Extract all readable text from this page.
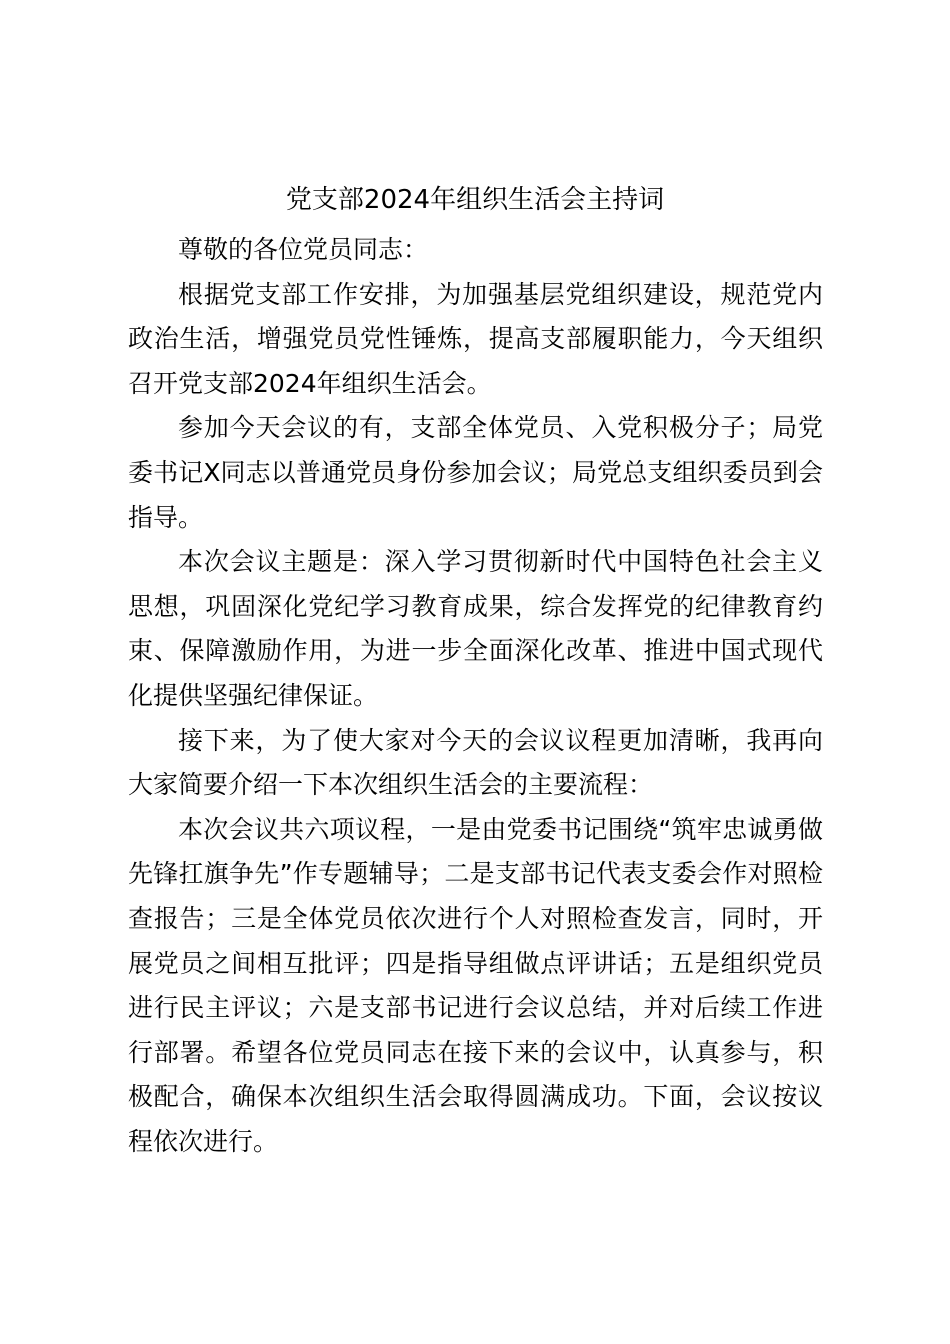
党支部2024年组织生活会主持词

尊敬的各位党员同志：

根据党支部工作安排，为加强基层党组织建设，规范党内政治生活，增强党员党性锤炼，提高支部履职能力，今天组织召开党支部2024年组织生活会。

参加今天会议的有，支部全体党员、入党积极分子；局党委书记X同志以普通党员身份参加会议；局党总支组织委员到会指导。

本次会议主题是：深入学习贯彻新时代中国特色社会主义思想，巩固深化党纪学习教育成果，综合发挥党的纪律教育约束、保障激励作用，为进一步全面深化改革、推进中国式现代化提供坚强纪律保证。

接下来，为了使大家对今天的会议议程更加清晰，我再向大家简要介绍一下本次组织生活会的主要流程：

本次会议共六项议程，一是由党委书记围绕“筑牢忠诚勇做先锋扛旗争先”作专题辅导；二是支部书记代表支委会作对照检查报告；三是全体党员依次进行个人对照检查发言，同时，开展党员之间相互批评；四是指导组做点评讲话；五是组织党员进行民主评议；六是支部书记进行会议总结，并对后续工作进行部署。希望各位党员同志在接下来的会议中，认真参与，积极配合，确保本次组织生活会取得圆满成功。下面，会议按议程依次进行。
